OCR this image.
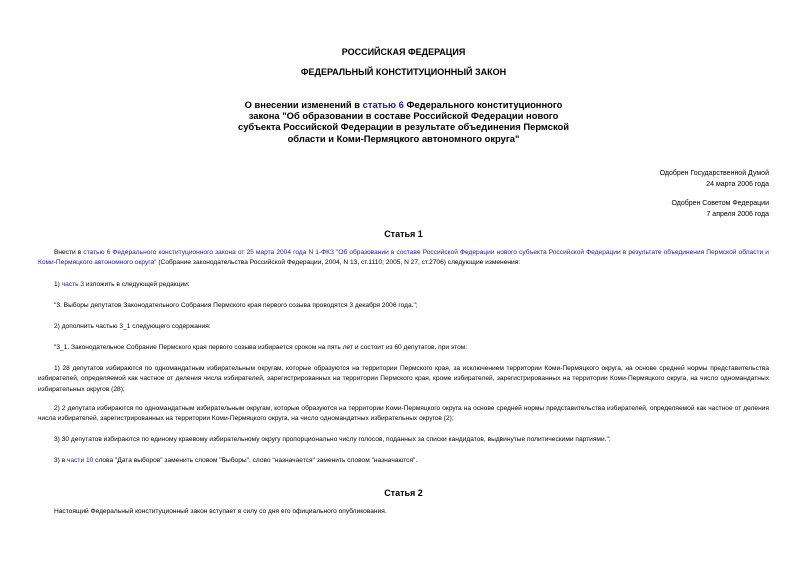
РОССИЙСКАЯ ФЕДЕРАЦИЯ
ФЕДЕРАЛЬНЫЙ КОНСТИТУЦИОННЫЙ ЗАКОН
О внесении изменений в статью 6 Федерального конституционного закона "Об образовании в составе Российской Федерации нового субъекта Российской Федерации в результате объединения Пермской области и Коми-Пермяцкого автономного округа"
Одобрен Государственной Думой
24 марта 2006 года
Одобрен Советом Федерации
7 апреля 2006 года
Статья 1
Внести в статью 6 Федерального конституционного закона от 25 марта 2004 года N 1-ФКЗ "Об образовании в составе Российской Федерации нового субъекта Российской Федерации в результате объединения Пермской области и Коми-Пермяцкого автономного округа" (Собрание законодательства Российской Федерации, 2004, N 13, ст.1110; 2005, N 27, ст.2706) следующие изменения:
1) часть 3 изложить в следующей редакции:
"3. Выборы депутатов Законодательного Собрания Пермского края первого созыва проводятся 3 декабря 2006 года.";
2) дополнить частью 3_1 следующего содержания:
"3_1. Законодательное Собрание Пермского края первого созыва избирается сроком на пять лет и состоит из 60 депутатов, при этом:
1) 28 депутатов избираются по одномандатным избирательным округам, которые образуются на территории Пермского края, за исключением территории Коми-Пермяцкого округа, на основе средней нормы представительства избирателей, определяемой как частное от деления числа избирателей, зарегистрированных на территории Пермского края, кроме избирателей, зарегистрированных на территории Коми-Пермяцкого округа, на число одномандатных избирательных округов (28);
2) 2 депутата избираются по одномандатным избирательным округам, которые образуются на территории Коми-Пермяцкого округа на основе средней нормы представительства избирателей, определяемой как частное от деления числа избирателей, зарегистрированных на территории Коми-Пермяцкого округа, на число одномандатных избирательных округов (2);
3) 30 депутатов избираются по единому краевому избирательному округу пропорционально числу голосов, поданных за списки кандидатов, выдвинутые политическими партиями.";
3) в части 10 слова "Дата выборов" заменить словом "Выборы", слово "назначается" заменить словом "назначаются".
Статья 2
Настоящий Федеральный конституционный закон вступает в силу со дня его официального опубликования.
